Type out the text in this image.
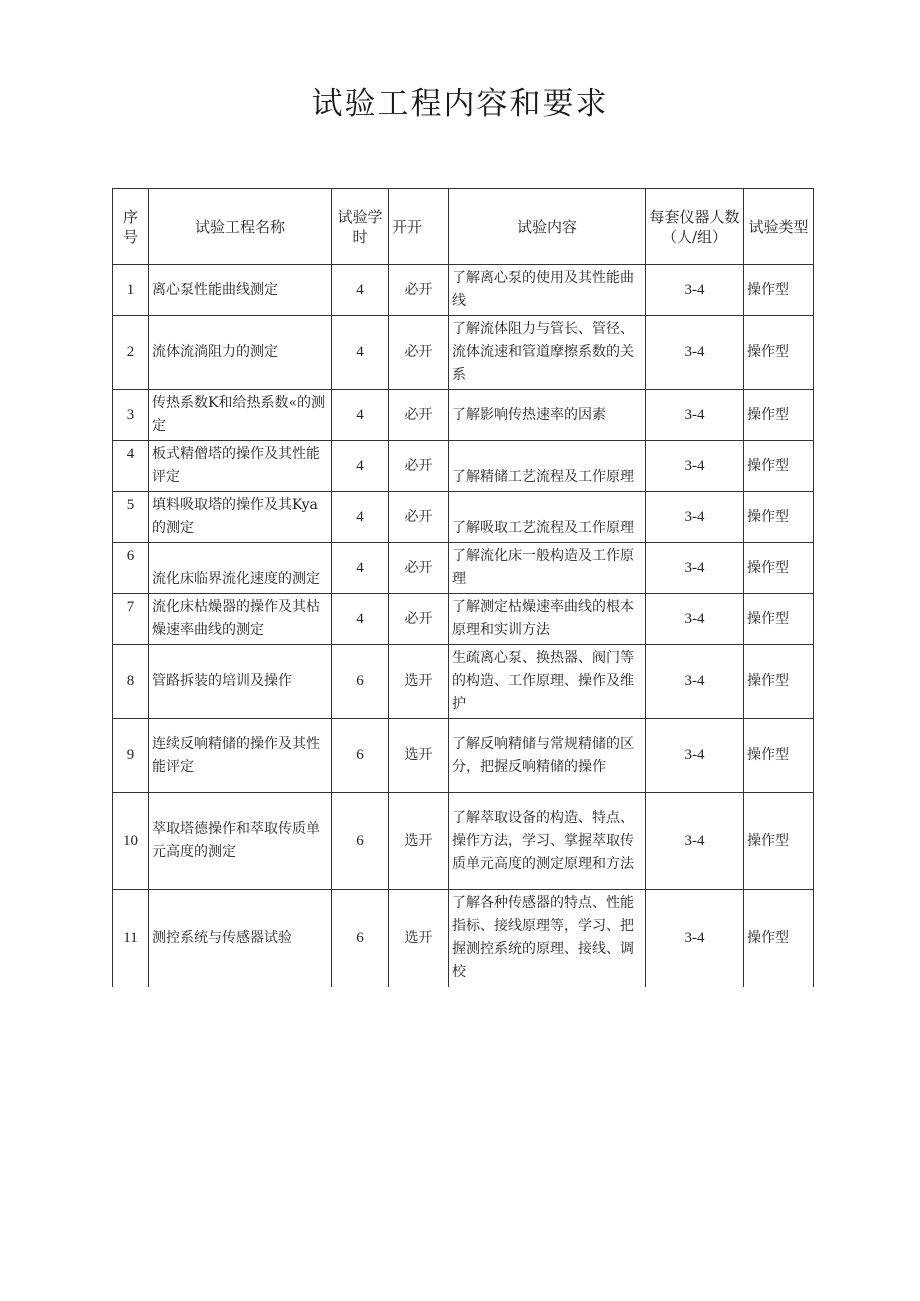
试验工程内容和要求
序号	试验工程名称	试验学时	开开	试验内容	每套仪器人数（人/组）	试验类型
1	离心泵性能曲线测定	4	必开	了解离心泵的使用及其性能曲线	3-4	操作型
2	流体流淌阻力的测定	4	必开	了解流体阻力与管长、管径、流体流速和管道摩擦系数的关系	3-4	操作型
3	传热系数K和给热系数«的测定	4	必开	了解影响传热速率的因素	3-4	操作型
4	板式精僧塔的操作及其性能评定	4	必开	了解精储工艺流程及工作原理	3-4	操作型
5	填料吸取塔的操作及其Kya的测定	4	必开	了解吸取工艺流程及工作原理	3-4	操作型
6	流化床临界流化速度的测定	4	必开	了解流化床一般构造及工作原理	3-4	操作型
7	流化床枯燥器的操作及其枯燥速率曲线的测定	4	必开	了解测定枯燥速率曲线的根本原理和实训方法	3-4	操作型
8	管路拆装的培训及操作	6	选开	生疏离心泵、换热器、阀门等的构造、工作原理、操作及维护	3-4	操作型
9	连续反响精储的操作及其性能评定	6	选开	了解反响精储与常规精储的区分，把握反响精储的操作	3-4	操作型
10	萃取塔德操作和萃取传质单元高度的测定	6	选开	了解萃取设备的构造、特点、操作方法，学习、掌握萃取传质单元高度的测定原理和方法	3-4	操作型
11	测控系统与传感器试验	6	选开	了解各种传感器的特点、性能指标、接线原理等，学习、把握测控系统的原理、接线、调校	3-4	操作型
